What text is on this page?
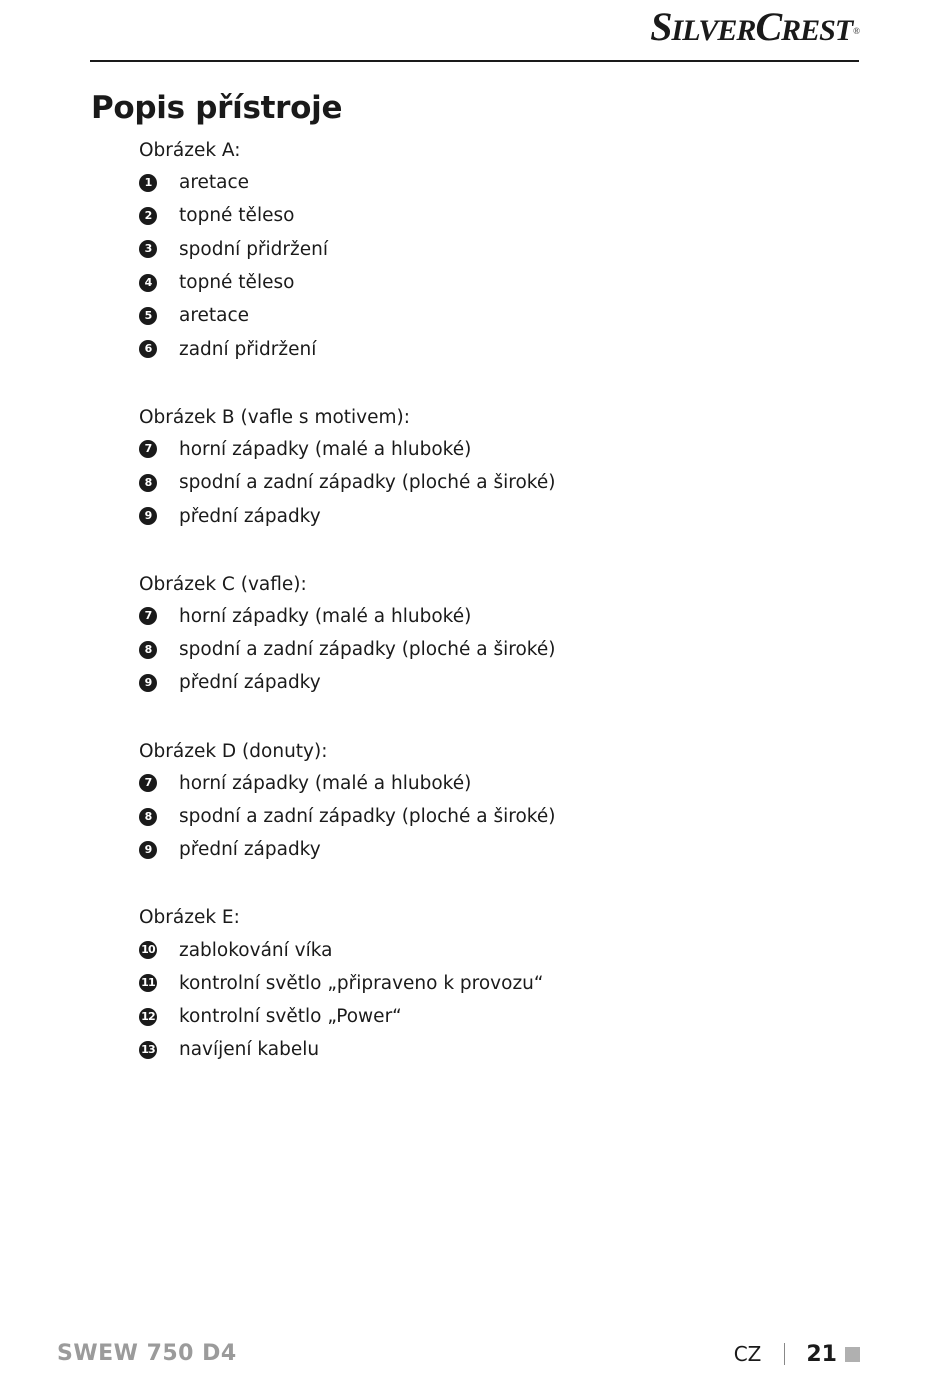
SILVERCREST®
Popis přístroje
Obrázek A:
1	aretace
2	topné těleso
3	spodní přidržení
4	topné těleso
5	aretace
6	zadní přidržení
Obrázek B (vafle s motivem):
7	horní západky (malé a hluboké)
8	spodní a zadní západky (ploché a široké)
9	přední západky
Obrázek C (vafle):
7	horní západky (malé a hluboké)
8	spodní a zadní západky (ploché a široké)
9	přední západky
Obrázek D (donuty):
7	horní západky (malé a hluboké)
8	spodní a zadní západky (ploché a široké)
9	přední západky
Obrázek E:
10 zablokování víka
11 kontrolní světlo „připraveno k provozu“
12 kontrolní světlo „Power“
13 navíjení kabelu
SWEW 750 D4	CZ 21
